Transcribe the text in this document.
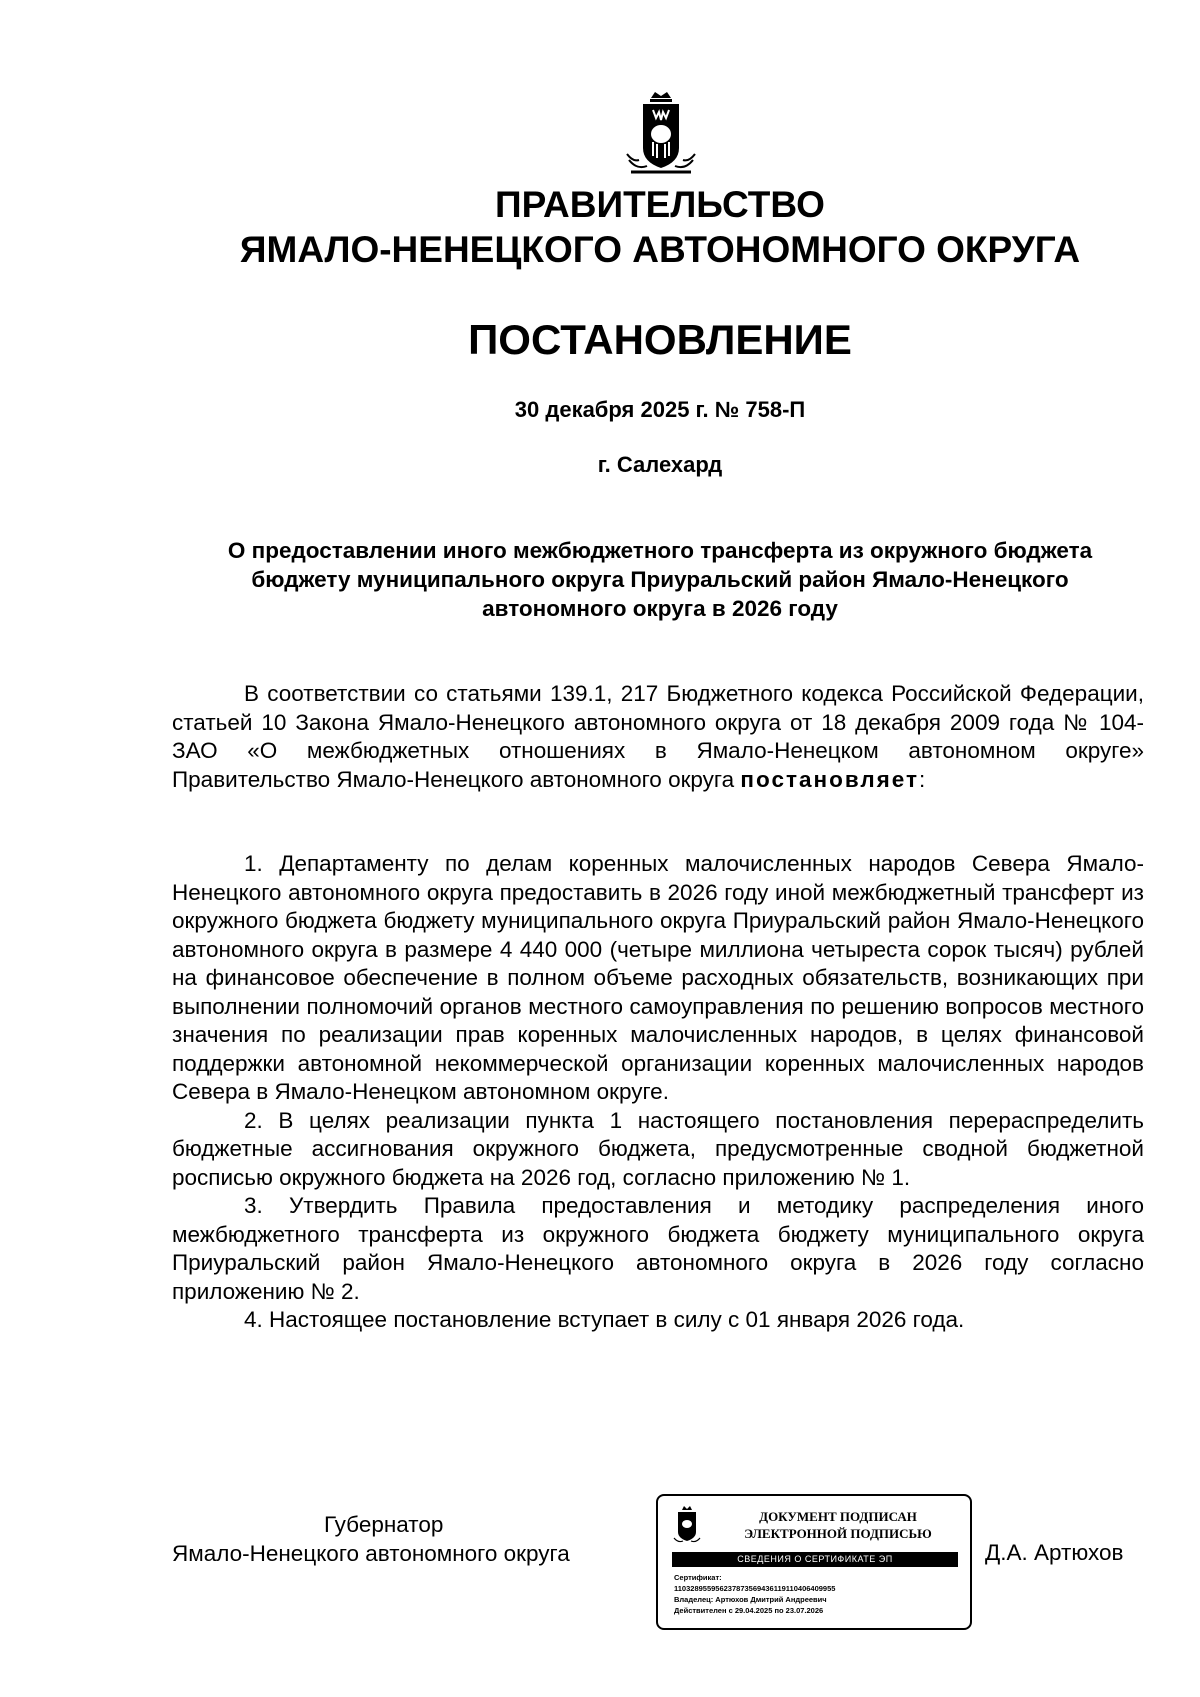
ПРАВИТЕЛЬСТВО
ЯМАЛО-НЕНЕЦКОГО АВТОНОМНОГО ОКРУГА
ПОСТАНОВЛЕНИЕ
30 декабря 2025 г. № 758-П
г. Салехард
О предоставлении иного межбюджетного трансферта из окружного бюджета бюджету муниципального округа Приуральский район Ямало-Ненецкого автономного округа в 2026 году

В соответствии со статьями 139.1, 217 Бюджетного кодекса Российской Федерации, статьей 10 Закона Ямало-Ненецкого автономного округа от 18 декабря 2009 года № 104-ЗАО «О межбюджетных отношениях в Ямало-Ненецком автономном округе» Правительство Ямало-Ненецкого автономного округа постановляет:

1. Департаменту по делам коренных малочисленных народов Севера Ямало-Ненецкого автономного округа предоставить в 2026 году иной межбюджетный трансферт из окружного бюджета бюджету муниципального округа Приуральский район Ямало-Ненецкого автономного округа в размере 4 440 000 (четыре миллиона четыреста сорок тысяч) рублей на финансовое обеспечение в полном объеме расходных обязательств, возникающих при выполнении полномочий органов местного самоуправления по решению вопросов местного значения по реализации прав коренных малочисленных народов, в целях финансовой поддержки автономной некоммерческой организации коренных малочисленных народов Севера в Ямало-Ненецком автономном округе.

2. В целях реализации пункта 1 настоящего постановления перераспределить бюджетные ассигнования окружного бюджета, предусмотренные сводной бюджетной росписью окружного бюджета на 2026 год, согласно приложению № 1.

3. Утвердить Правила предоставления и методику распределения иного межбюджетного трансферта из окружного бюджета бюджету муниципального округа Приуральский район Ямало-Ненецкого автономного округа в 2026 году согласно приложению № 2.

4. Настоящее постановление вступает в силу с 01 января 2026 года.

Губернатор
Ямало-Ненецкого автономного округа
ДОКУМЕНТ ПОДПИСАН
ЭЛЕКТРОННОЙ ПОДПИСЬЮ
СВЕДЕНИЯ О СЕРТИФИКАТЕ ЭП
Сертификат:
11032895595623787356943611911040640995​5
Владелец: Артюхов Дмитрий Андреевич
Действителен с 29.04.2025 по 23.07.2026
Д.А. Артюхов
